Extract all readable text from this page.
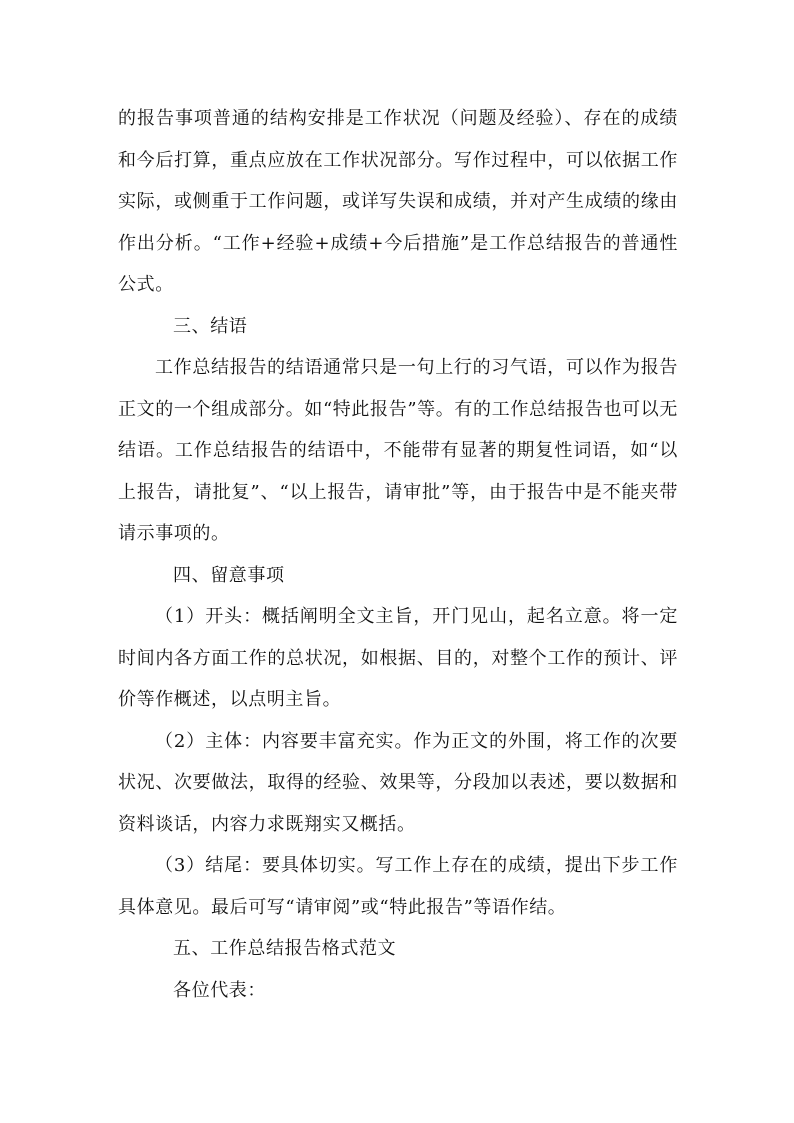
的报告事项普通的结构安排是工作状况（问题及经验）、存在的成绩和今后打算，重点应放在工作状况部分。写作过程中，可以依据工作实际，或侧重于工作问题，或详写失误和成绩，并对产生成绩的缘由作出分析。“工作+经验+成绩+今后措施”是工作总结报告的普通性公式。

三、结语

工作总结报告的结语通常只是一句上行的习气语，可以作为报告正文的一个组成部分。如“特此报告”等。有的工作总结报告也可以无结语。工作总结报告的结语中，不能带有显著的期复性词语，如“以上报告，请批复”、“以上报告，请审批”等，由于报告中是不能夹带请示事项的。

四、留意事项

（1）开头：概括阐明全文主旨，开门见山，起名立意。将一定时间内各方面工作的总状况，如根据、目的，对整个工作的预计、评价等作概述，以点明主旨。

（2）主体：内容要丰富充实。作为正文的外围，将工作的次要状况、次要做法，取得的经验、效果等，分段加以表述，要以数据和资料谈话，内容力求既翔实又概括。

（3）结尾：要具体切实。写工作上存在的成绩，提出下步工作具体意见。最后可写“请审阅”或“特此报告”等语作结。

五、工作总结报告格式范文

各位代表：
